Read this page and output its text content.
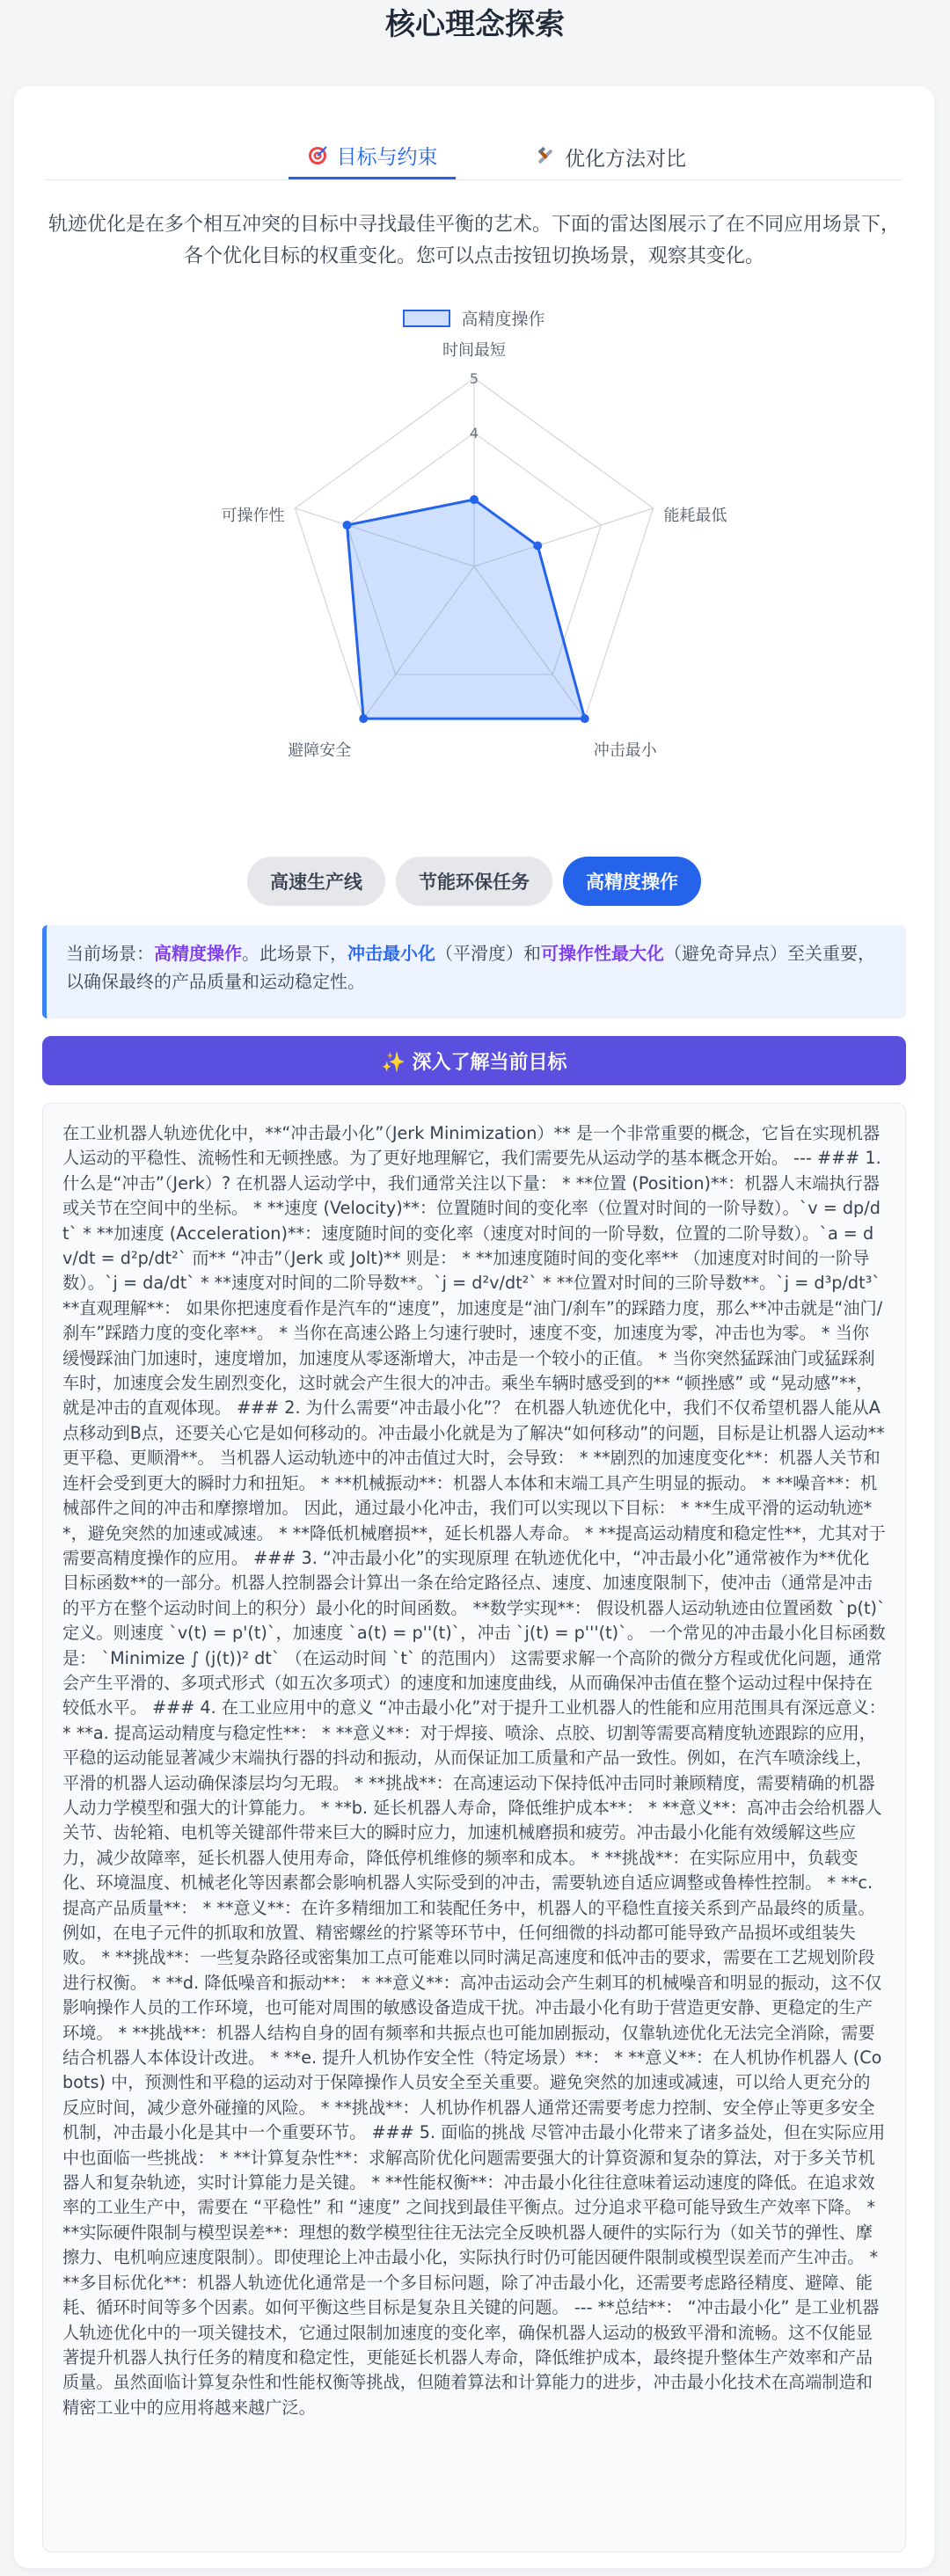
核心理念探索
目标与约束	优化方法对比
轨迹优化是在多个相互冲突的目标中寻找最佳平衡的艺术。下面的雷达图展示了在不同应用场景下，各个优化目标的权重变化。您可以点击按钮切换场景，观察其变化。
高精度操作
4
5
时间最短
能耗最低
冲击最小
避障安全
可操作性
高速生产线	节能环保任务	高精度操作
当前场景：高精度操作。此场景下，冲击最小化（平滑度）和可操作性最大化（避免奇异点）至关重要，以确保最终的产品质量和运动稳定性。
✨ 深入了解当前目标
在工业机器人轨迹优化中，**“冲击最小化”（Jerk Minimization）** 是一个非常重要的概念，它旨在实现机器人运动的平稳性、流畅性和无顿挫感。为了更好地理解它，我们需要先从运动学的基本概念开始。 --- ### 1. 什么是“冲击”（Jerk）? 在机器人运动学中，我们通常关注以下量： * **位置 (Position)**：机器人末端执行器或关节在空间中的坐标。 * **速度 (Velocity)**：位置随时间的变化率（位置对时间的一阶导数）。`v = dp/dt` * **加速度 (Acceleration)**：速度随时间的变化率（速度对时间的一阶导数，位置的二阶导数）。`a = dv/dt = d²p/dt²` 而** “冲击”（Jerk 或 Jolt)** 则是： * **加速度随时间的变化率** （加速度对时间的一阶导数）。`j = da/dt` * **速度对时间的二阶导数**。`j = d²v/dt²` * **位置对时间的三阶导数**。`j = d³p/dt³` **直观理解**： 如果你把速度看作是汽车的“速度”，加速度是“油门/刹车”的踩踏力度，那么**冲击就是“油门/刹车”踩踏力度的变化率**。 * 当你在高速公路上匀速行驶时，速度不变，加速度为零，冲击也为零。 * 当你缓慢踩油门加速时，速度增加，加速度从零逐渐增大，冲击是一个较小的正值。 * 当你突然猛踩油门或猛踩刹车时，加速度会发生剧烈变化，这时就会产生很大的冲击。乘坐车辆时感受到的** “顿挫感” 或 “晃动感”**，就是冲击的直观体现。 ### 2. 为什么需要“冲击最小化”？ 在机器人轨迹优化中，我们不仅希望机器人能从A点移动到B点，还要关心它是如何移动的。冲击最小化就是为了解决“如何移动”的问题，目标是让机器人运动**更平稳、更顺滑**。 当机器人运动轨迹中的冲击值过大时，会导致： * **剧烈的加速度变化**：机器人关节和连杆会受到更大的瞬时力和扭矩。 * **机械振动**：机器人本体和末端工具产生明显的振动。 * **噪音**：机械部件之间的冲击和摩擦增加。 因此，通过最小化冲击，我们可以实现以下目标： * **生成平滑的运动轨迹**，避免突然的加速或减速。 * **降低机械磨损**，延长机器人寿命。 * **提高运动精度和稳定性**，尤其对于需要高精度操作的应用。 ### 3. “冲击最小化”的实现原理 在轨迹优化中，“冲击最小化”通常被作为**优化目标函数**的一部分。机器人控制器会计算出一条在给定路径点、速度、加速度限制下，使冲击（通常是冲击的平方在整个运动时间上的积分）最小化的时间函数。 **数学实现**： 假设机器人运动轨迹由位置函数 `p(t)` 定义。则速度 `v(t) = p'(t)`，加速度 `a(t) = p''(t)`，冲击 `j(t) = p'''(t)`。 一个常见的冲击最小化目标函数是： `Minimize ∫ (j(t))² dt` （在运动时间 `t` 的范围内） 这需要求解一个高阶的微分方程或优化问题，通常会产生平滑的、多项式形式（如五次多项式）的速度和加速度曲线，从而确保冲击值在整个运动过程中保持在较低水平。 ### 4. 在工业应用中的意义 “冲击最小化”对于提升工业机器人的性能和应用范围具有深远意义： * **a. 提高运动精度与稳定性**： * **意义**：对于焊接、喷涂、点胶、切割等需要高精度轨迹跟踪的应用，平稳的运动能显著减少末端执行器的抖动和振动，从而保证加工质量和产品一致性。例如，在汽车喷涂线上，平滑的机器人运动确保漆层均匀无瑕。 * **挑战**：在高速运动下保持低冲击同时兼顾精度，需要精确的机器人动力学模型和强大的计算能力。 * **b. 延长机器人寿命，降低维护成本**： * **意义**：高冲击会给机器人关节、齿轮箱、电机等关键部件带来巨大的瞬时应力，加速机械磨损和疲劳。冲击最小化能有效缓解这些应力，减少故障率，延长机器人使用寿命，降低停机维修的频率和成本。 * **挑战**：在实际应用中，负载变化、环境温度、机械老化等因素都会影响机器人实际受到的冲击，需要轨迹自适应调整或鲁棒性控制。 * **c. 提高产品质量**： * **意义**：在许多精细加工和装配任务中，机器人的平稳性直接关系到产品最终的质量。例如，在电子元件的抓取和放置、精密螺丝的拧紧等环节中，任何细微的抖动都可能导致产品损坏或组装失败。 * **挑战**：一些复杂路径或密集加工点可能难以同时满足高速度和低冲击的要求，需要在工艺规划阶段进行权衡。 * **d. 降低噪音和振动**： * **意义**：高冲击运动会产生刺耳的机械噪音和明显的振动，这不仅影响操作人员的工作环境，也可能对周围的敏感设备造成干扰。冲击最小化有助于营造更安静、更稳定的生产环境。 * **挑战**：机器人结构自身的固有频率和共振点也可能加剧振动，仅靠轨迹优化无法完全消除，需要结合机器人本体设计改进。 * **e. 提升人机协作安全性（特定场景）**： * **意义**：在人机协作机器人 (Cobots) 中，预测性和平稳的运动对于保障操作人员安全至关重要。避免突然的加速或减速，可以给人更充分的反应时间，减少意外碰撞的风险。 * **挑战**：人机协作机器人通常还需要考虑力控制、安全停止等更多安全机制，冲击最小化是其中一个重要环节。 ### 5. 面临的挑战 尽管冲击最小化带来了诸多益处，但在实际应用中也面临一些挑战： * **计算复杂性**：求解高阶优化问题需要强大的计算资源和复杂的算法，对于多关节机器人和复杂轨迹，实时计算能力是关键。 * **性能权衡**：冲击最小化往往意味着运动速度的降低。在追求效率的工业生产中，需要在 “平稳性” 和 “速度” 之间找到最佳平衡点。过分追求平稳可能导致生产效率下降。 * **实际硬件限制与模型误差**：理想的数学模型往往无法完全反映机器人硬件的实际行为（如关节的弹性、摩擦力、电机响应速度限制）。即使理论上冲击最小化，实际执行时仍可能因硬件限制或模型误差而产生冲击。 * **多目标优化**：机器人轨迹优化通常是一个多目标问题，除了冲击最小化，还需要考虑路径精度、避障、能耗、循环时间等多个因素。如何平衡这些目标是复杂且关键的问题。 --- **总结**： “冲击最小化” 是工业机器人轨迹优化中的一项关键技术，它通过限制加速度的变化率，确保机器人运动的极致平滑和流畅。这不仅能显著提升机器人执行任务的精度和稳定性，更能延长机器人寿命，降低维护成本，最终提升整体生产效率和产品质量。虽然面临计算复杂性和性能权衡等挑战，但随着算法和计算能力的进步，冲击最小化技术在高端制造和精密工业中的应用将越来越广泛。
